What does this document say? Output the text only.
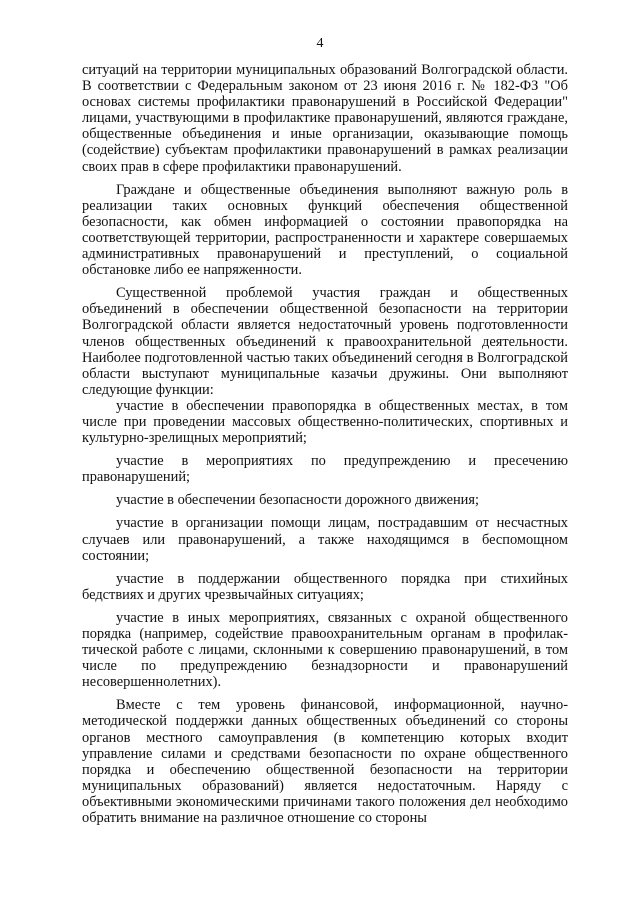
4

ситуаций на территории муниципальных образований Волгоградской области. В соответствии с Федеральным законом от 23 июня 2016 г. № 182-ФЗ "Об основах системы профилактики правонарушений в Российской Федерации" лицами, участвующими в профилактике правонарушений, являются граждане, общественные объединения и иные организации, оказывающие помощь (содействие) субъектам профилактики правонарушений в рамках реализации своих прав в сфере профилактики правонарушений.

Граждане и общественные объединения выполняют важную роль в реализации таких основных функций обеспечения общественной безопасности, как обмен информацией о состоянии правопорядка на соответствующей территории, распространенности и характере совершаемых административных правонарушений и преступлений, о социальной обстановке либо ее напряженности.

Существенной проблемой участия граждан и общественных объединений в обеспечении общественной безопасности на территории Волгоградской области является недостаточный уровень подготовленности членов общественных объединений к правоохранительной деятельности. Наиболее подготовленной частью таких объединений сегодня в Волгоградской области выступают муниципальные казачьи дружины. Они выполняют следующие функции:

участие в обеспечении правопорядка в общественных местах, в том числе при проведении массовых общественно-политических, спортивных и культурно-зрелищных мероприятий;

участие в мероприятиях по предупреждению и пресечению правонарушений;

участие в обеспечении безопасности дорожного движения;

участие в организации помощи лицам, пострадавшим от несчастных случаев или правонарушений, а также находящимся в беспомощном состоянии;

участие в поддержании общественного порядка при стихийных бедствиях и других чрезвычайных ситуациях;

участие в иных мероприятиях, связанных с охраной общественного порядка (например, содействие правоохранительным органам в профилактической работе с лицами, склонными к совершению правонарушений, в том числе по предупреждению безнадзорности и правонарушений несовершеннолетних).

Вместе с тем уровень финансовой, информационной, научно-методической поддержки данных общественных объединений со стороны органов местного самоуправления (в компетенцию которых входит управление силами и средствами безопасности по охране общественного порядка и обеспечению общественной безопасности на территории муниципальных образований) является недостаточным. Наряду с объективными экономическими причинами такого положения дел необходимо обратить внимание на различное отношение со стороны
